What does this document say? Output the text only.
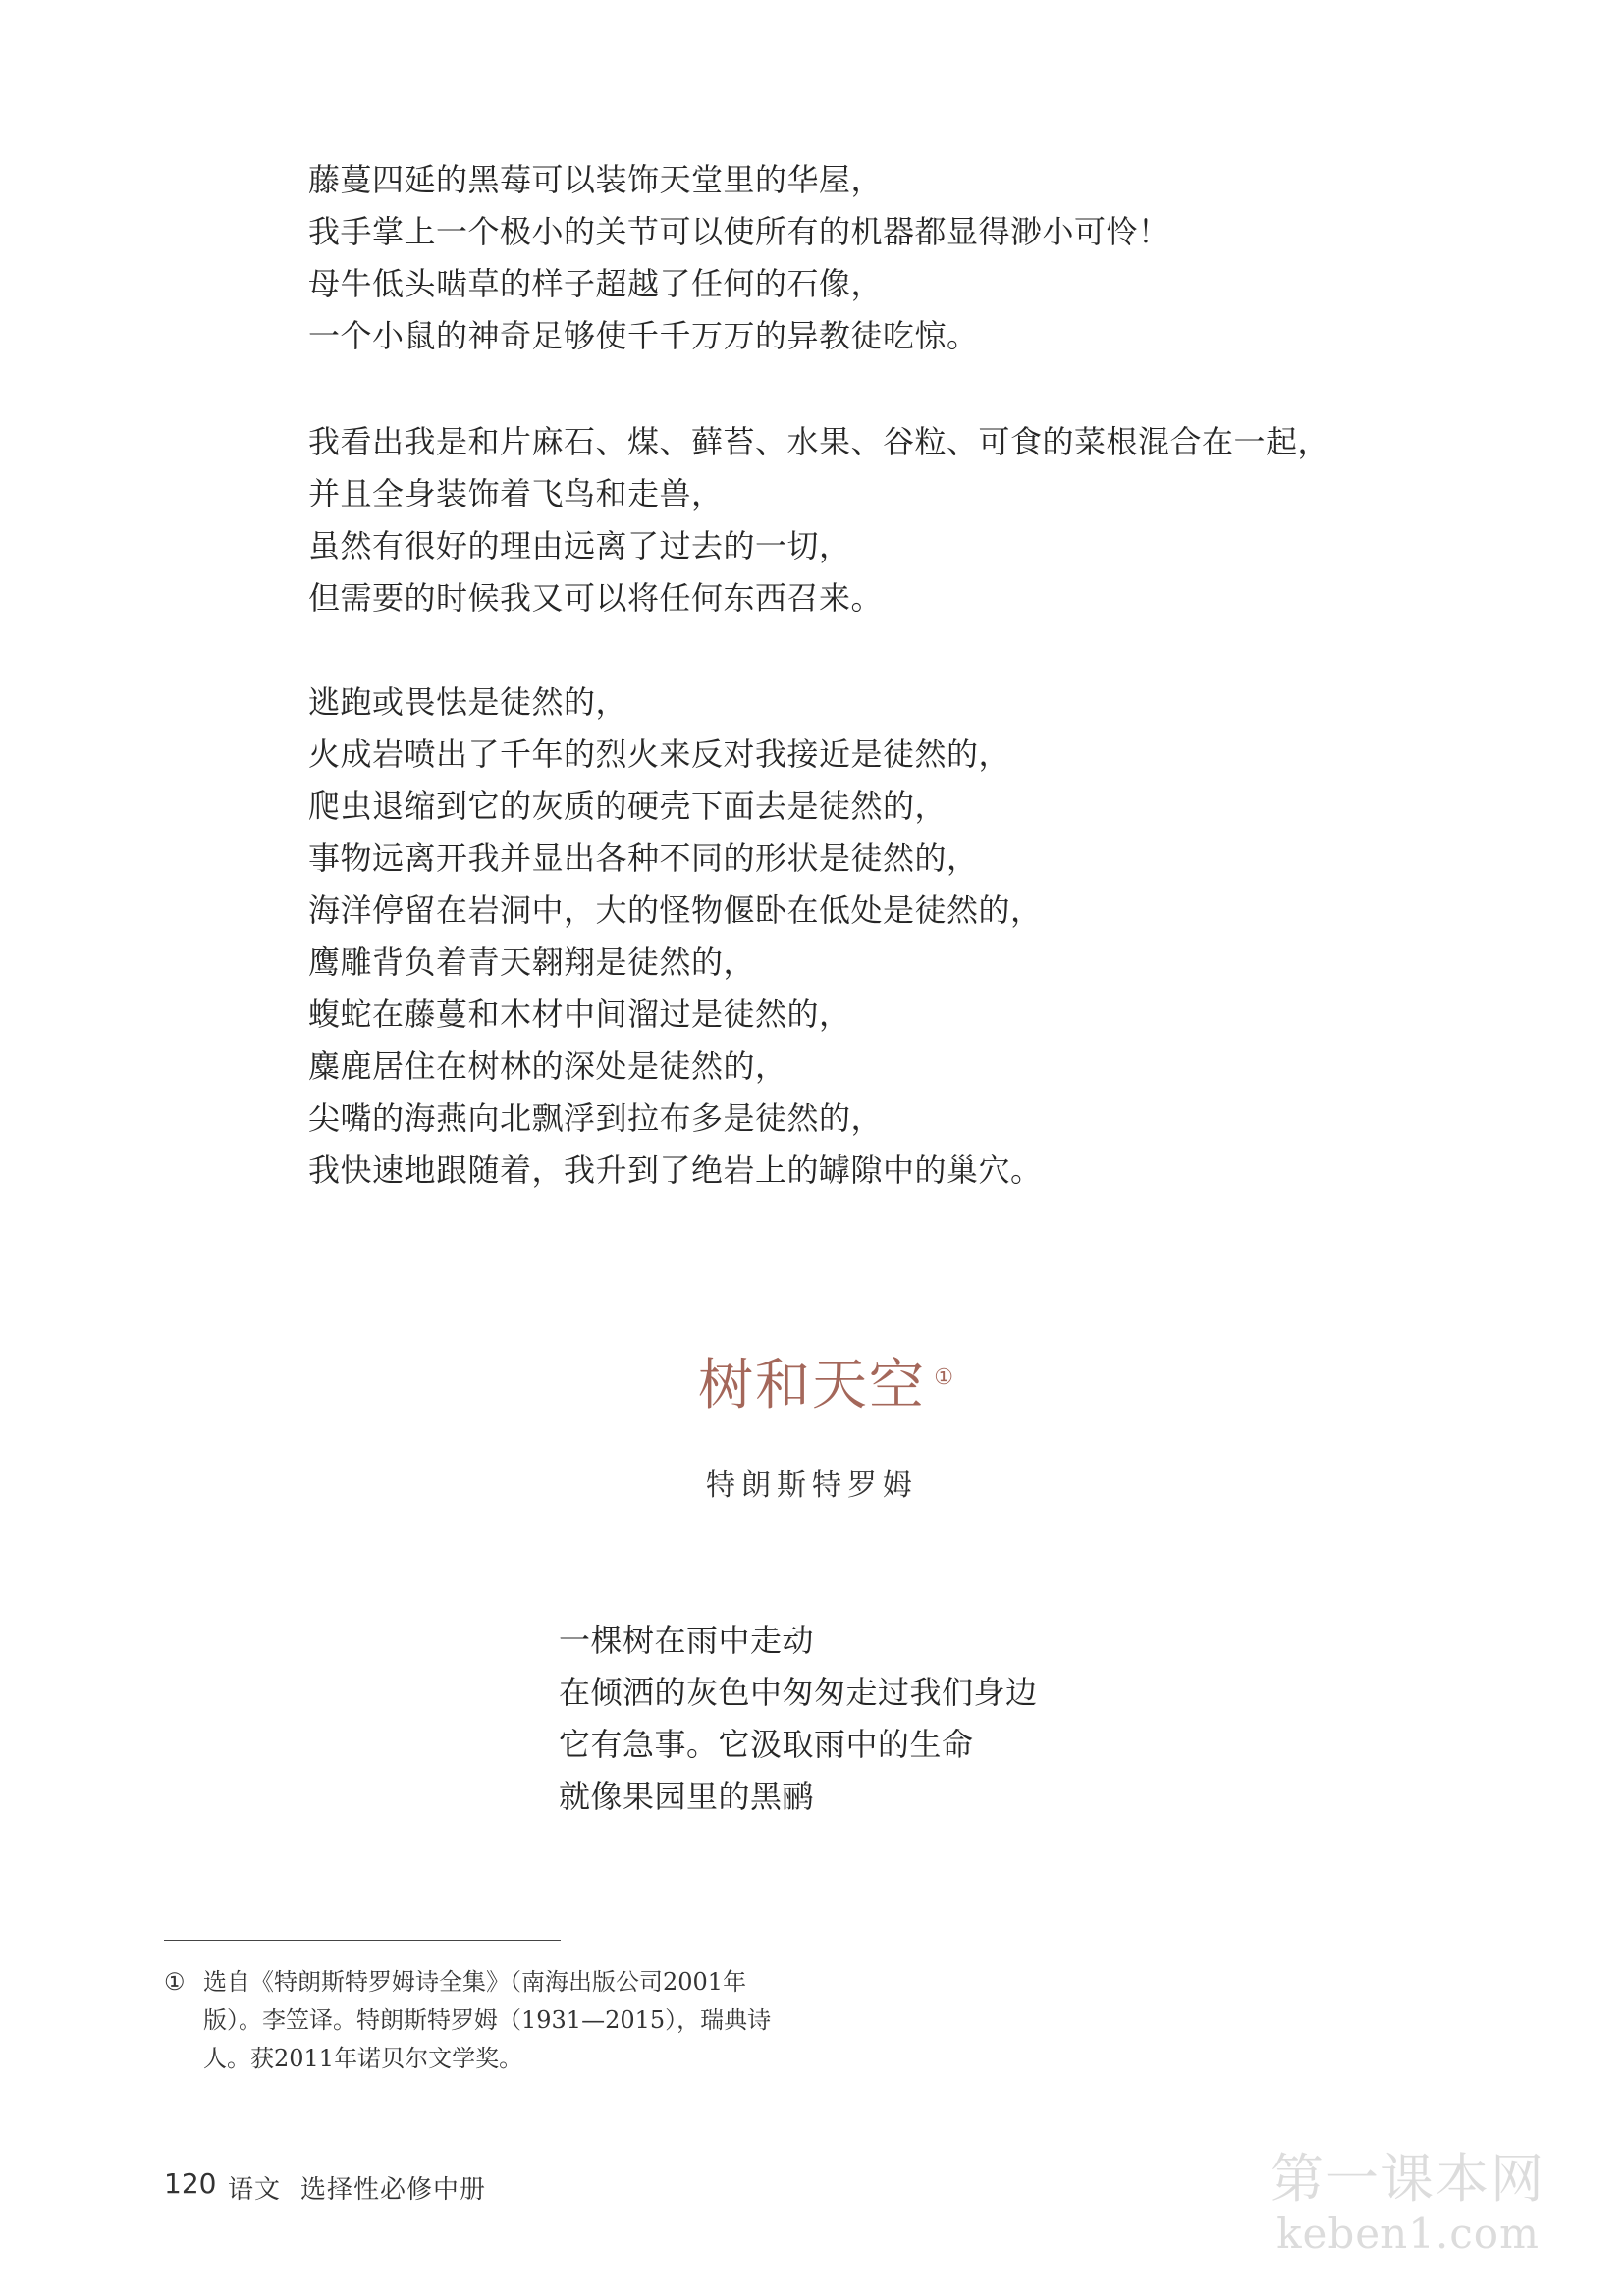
藤蔓四延的黑莓可以装饰天堂里的华屋，
我手掌上一个极小的关节可以使所有的机器都显得渺小可怜！
母牛低头啮草的样子超越了任何的石像，
一个小鼠的神奇足够使千千万万的异教徒吃惊。
我看出我是和片麻石、煤、藓苔、水果、谷粒、可食的菜根混合在一起，
并且全身装饰着飞鸟和走兽，
虽然有很好的理由远离了过去的一切，
但需要的时候我又可以将任何东西召来。
逃跑或畏怯是徒然的，
火成岩喷出了千年的烈火来反对我接近是徒然的，
爬虫退缩到它的灰质的硬壳下面去是徒然的，
事物远离开我并显出各种不同的形状是徒然的，
海洋停留在岩洞中，大的怪物偃卧在低处是徒然的，
鹰雕背负着青天翱翔是徒然的，
蝮蛇在藤蔓和木材中间溜过是徒然的，
麋鹿居住在树林的深处是徒然的，
尖嘴的海燕向北飘浮到拉布多是徒然的，
我快速地跟随着，我升到了绝岩上的罅隙中的巢穴。
树和天空 ①
特朗斯特罗姆
一棵树在雨中走动
在倾洒的灰色中匆匆走过我们身边
它有急事。它汲取雨中的生命
就像果园里的黑鹂
① 选自《特朗斯特罗姆诗全集》（南海出版公司2001年版）。李笠译。特朗斯特罗姆（1931—2015），瑞典诗人。获2011年诺贝尔文学奖。
120 语文 选择性必修中册	第一课本网
keben1.com
